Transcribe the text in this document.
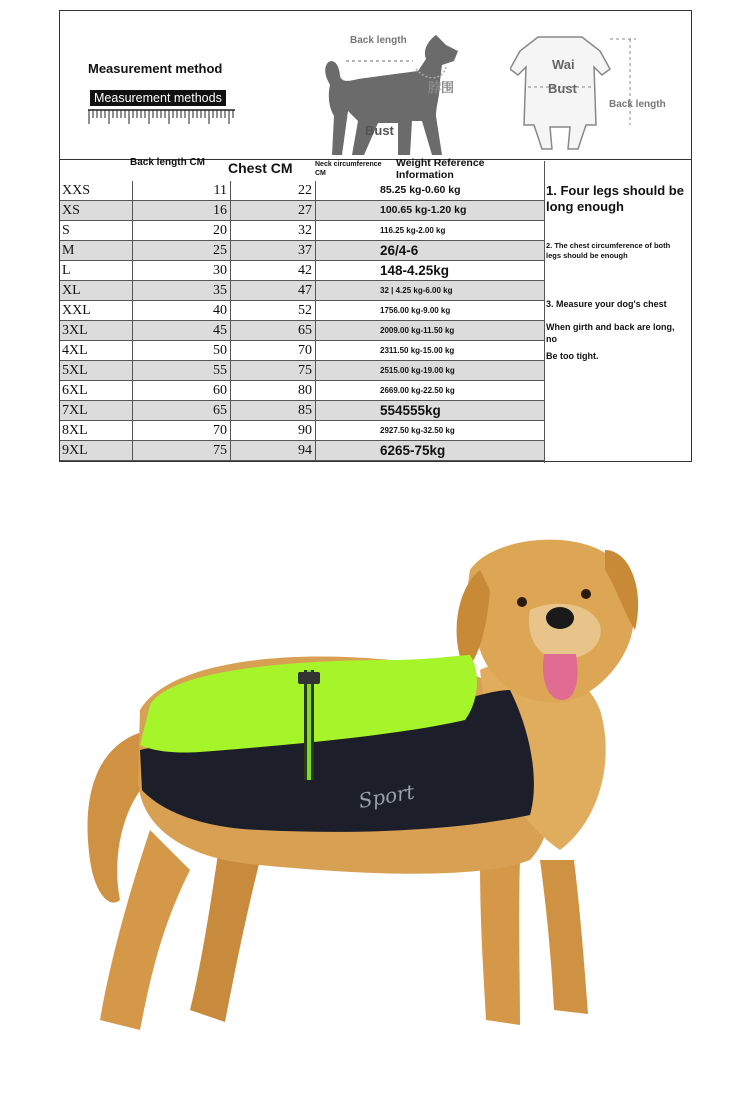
Measurement method
Measurement methods
Back length
脖围
Bust
Wai
Bust
Back length
Back length CM	Chest CM	Neck circumference CM
Weight Reference Information
XXS	11	22	85.25 kg-0.60 kg
XS	16	27	100.65 kg-1.20 kg
S	20	32	116.25 kg-2.00 kg
M	25	37	26/4-6
L	30	42	148-4.25kg
XL	35	47	32 | 4.25 kg-6.00 kg
XXL	40	52	1756.00 kg-9.00 kg
3XL	45	65	2009.00 kg-11.50 kg
4XL	50	70	2311.50 kg-15.00 kg
5XL	55	75	2515.00 kg-19.00 kg
6XL	60	80	2669.00 kg-22.50 kg
7XL	65	85	554555kg
8XL	70	90	2927.50 kg-32.50 kg
9XL	75	94	6265-75kg
1. Four legs should be long enough
2. The chest circumference of both legs should be enough
3. Measure your dog's chest
When girth and back are long, no
Be too tight.
Sport
